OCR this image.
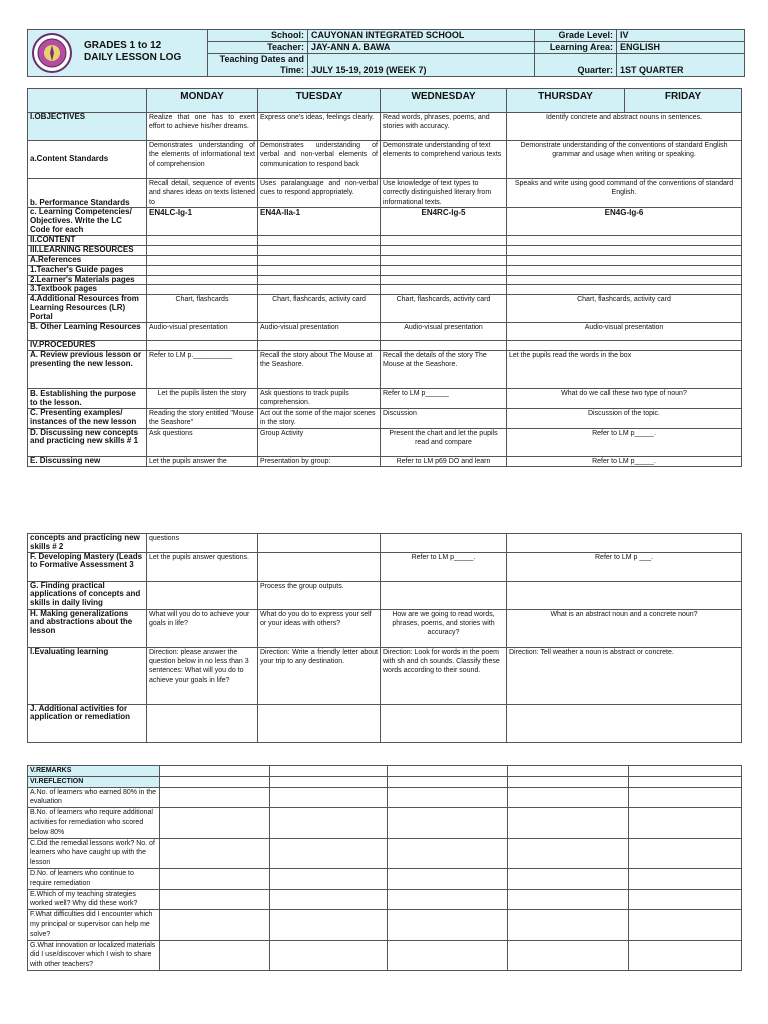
GRADES 1 to 12
DAILY LESSON LOG	School:	CAUYONAN INTEGRATED SCHOOL	Grade Level:	IV
	Teacher:	JAY-ANN A. BAWA	Learning Area:	ENGLISH
	Teaching Dates and Time:	JULY 15-19, 2019 (WEEK 7)	Quarter:	1ST QUARTER

	MONDAY	TUESDAY	WEDNESDAY	THURSDAY	FRIDAY
I.OBJECTIVES	Realize that one has to exert effort to achieve his/her dreams.	Express one's ideas, feelings clearly.	Read words, phrases, poems, and stories with accuracy.	Identify concrete and abstract nouns in sentences.	
a.Content Standards	Demonstrates understanding of the elements of informational text of comprehension	Demonstrates understanding of verbal and non-verbal elements of communication to respond back	Demonstrate understanding of text elements to comprehend various texts	Demonstrate understanding of the conventions of standard English grammar and usage when writing or speaking.	
b. Performance Standards	Recall detail, sequence of events and shares ideas on texts listened to	Uses paralanguage and non-verbal cues to respond appropriately.	Use knowledge of text types to correctly distinguished literary from informational texts.	Speaks and write using good command of the conventions of standard English.	
c. Learning Competencies/ Objectives. Write the LC Code for each	EN4LC-Ig-1	EN4A-IIa-1	EN4RC-Ig-5	EN4G-Ig-6	
II.CONTENT					
III.LEARNING RESOURCES					
A.References					
1.Teacher's Guide pages					
2.Learner's Materials pages					
3.Textbook pages					
4.Additional Resources from Learning Resources (LR) Portal	Chart, flashcards	Chart, flashcards, activity card	Chart, flashcards, activity card	Chart, flashcards, activity card	
B. Other Learning Resources	Audio-visual presentation	Audio-visual presentation	Audio-visual presentation	Audio-visual presentation	
IV.PROCEDURES					
A. Review previous lesson or presenting the new lesson.	Refer to LM p.__________	Recall the story about The Mouse at the Seashore.	Recall the details of the story The Mouse at the Seashore.	Let the pupils read the words in the box	
B. Establishing the purpose to the lesson.	Let the pupils listen the story	Ask questions to track pupils comprehension.	Refer to LM p______	What do we call these two type of noun?	
C. Presenting examples/ instances of the new lesson	Reading the story entitled "Mouse the Seashore"	Act out the some of the major scenes in the story.	Discussion	Discussion of the topic.	
D. Discussing new concepts and practicing new skills # 1	Ask questions	Group Activity	Present the chart and let the pupils read and compare	Refer to LM p_____.	
E. Discussing new	Let the pupils answer the	Presentation by group:	Refer to LM p69 DO and learn	Refer to LM p_____.	
concepts and practicing new skills # 2	questions			
F. Developing Mastery (Leads to Formative Assessment 3	Let the pupils answer questions.		Refer to LM p_____.	Refer to LM p ___.
G. Finding practical applications of concepts and skills in daily living		Process the group outputs.		
H. Making generalizations and abstractions about the lesson	What will you do to achieve your goals in life?	What do you do to express your self or your ideas with others?	How are we going to read words, phrases, poems, and stories with accuracy?	What is an abstract noun and a concrete noun?
I.Evaluating learning	Direction: please answer the question below in no less than 3 sentences: What will you do to achieve your goals in life?	Direction: Write a friendly letter about your trip to any destination.	Direction: Look for words in the poem with sh and ch sounds. Classify these words according to their sound.	Direction: Tell weather a noun is abstract or concrete.
J. Additional activities for application or remediation				
V.REMARKS					
VI.REFLECTION					
A.No. of learners who earned 80% in the evaluation					
B.No. of learners who require additional activities for remediation who scored below 80%					
C.Did the remedial lessons work? No. of learners who have caught up with the lesson					
D.No. of learners who continue to require remediation					
E.Which of my teaching strategies worked well? Why did these work?					
F.What difficulties did I encounter which my principal or supervisor can help me solve?					
G.What innovation or localized materials did I use/discover which I wish to share with other teachers?					
